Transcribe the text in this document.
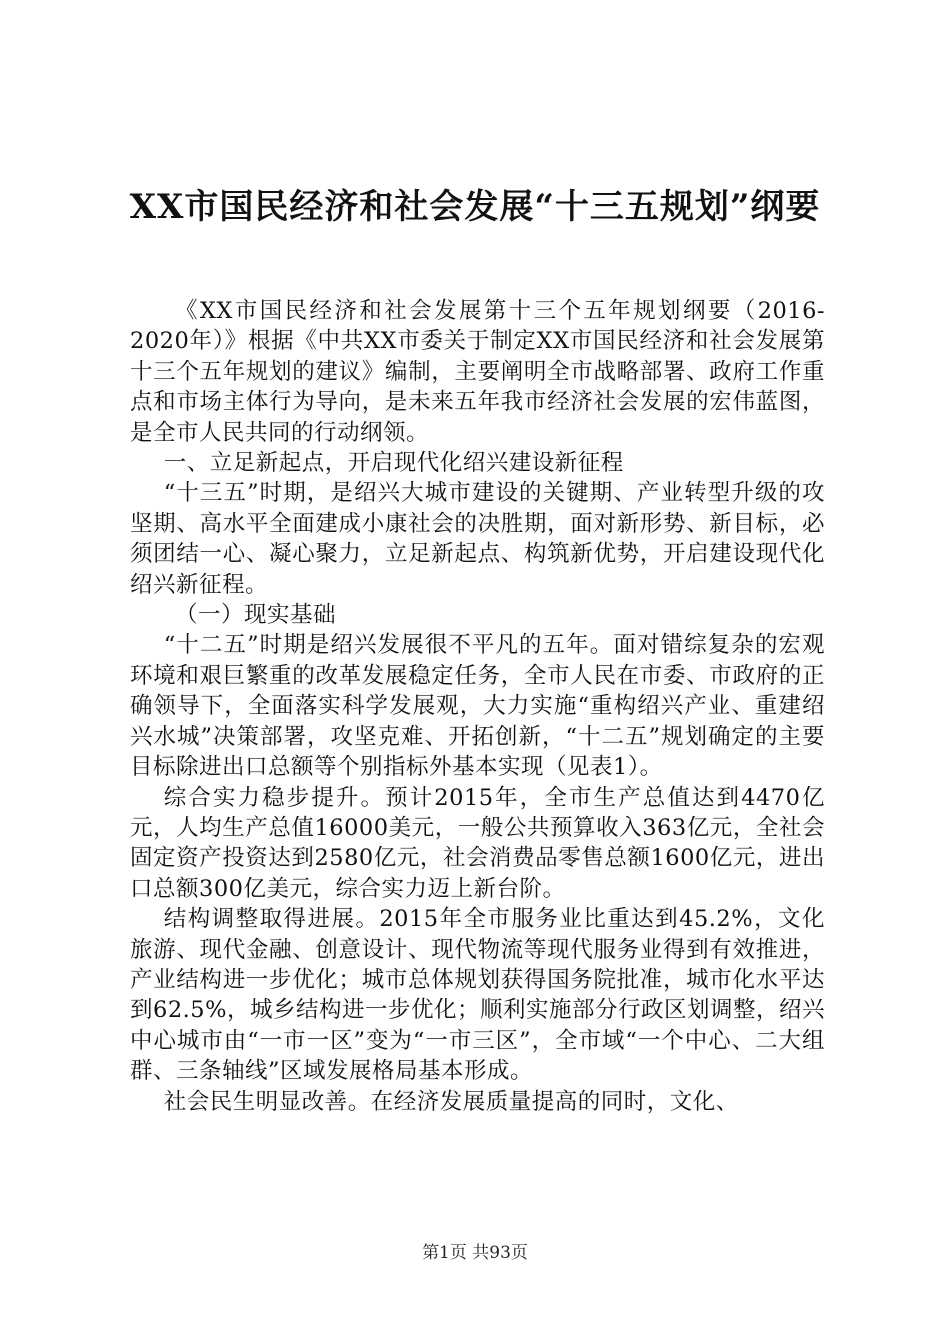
XX市国民经济和社会发展“十三五规划”纲要

《XX市国民经济和社会发展第十三个五年规划纲要（2016-2020年）》根据《中共XX市委关于制定XX市国民经济和社会发展第十三个五年规划的建议》编制，主要阐明全市战略部署、政府工作重点和市场主体行为导向，是未来五年我市经济社会发展的宏伟蓝图，是全市人民共同的行动纲领。

一、立足新起点，开启现代化绍兴建设新征程

“十三五”时期，是绍兴大城市建设的关键期、产业转型升级的攻坚期、高水平全面建成小康社会的决胜期，面对新形势、新目标，必须团结一心、凝心聚力，立足新起点、构筑新优势，开启建设现代化绍兴新征程。

（一）现实基础

“十二五”时期是绍兴发展很不平凡的五年。面对错综复杂的宏观环境和艰巨繁重的改革发展稳定任务，全市人民在市委、市政府的正确领导下，全面落实科学发展观，大力实施“重构绍兴产业、重建绍兴水城”决策部署，攻坚克难、开拓创新，“十二五”规划确定的主要目标除进出口总额等个别指标外基本实现（见表1）。

综合实力稳步提升。预计2015年，全市生产总值达到4470亿元，人均生产总值16000美元，一般公共预算收入363亿元，全社会固定资产投资达到2580亿元，社会消费品零售总额1600亿元，进出口总额300亿美元，综合实力迈上新台阶。

结构调整取得进展。2015年全市服务业比重达到45.2%，文化旅游、现代金融、创意设计、现代物流等现代服务业得到有效推进，产业结构进一步优化；城市总体规划获得国务院批准，城市化水平达到62.5%，城乡结构进一步优化；顺利实施部分行政区划调整，绍兴中心城市由“一市一区”变为“一市三区”，全市域“一个中心、二大组群、三条轴线”区域发展格局基本形成。

社会民生明显改善。在经济发展质量提高的同时，文化、

第1页 共93页
